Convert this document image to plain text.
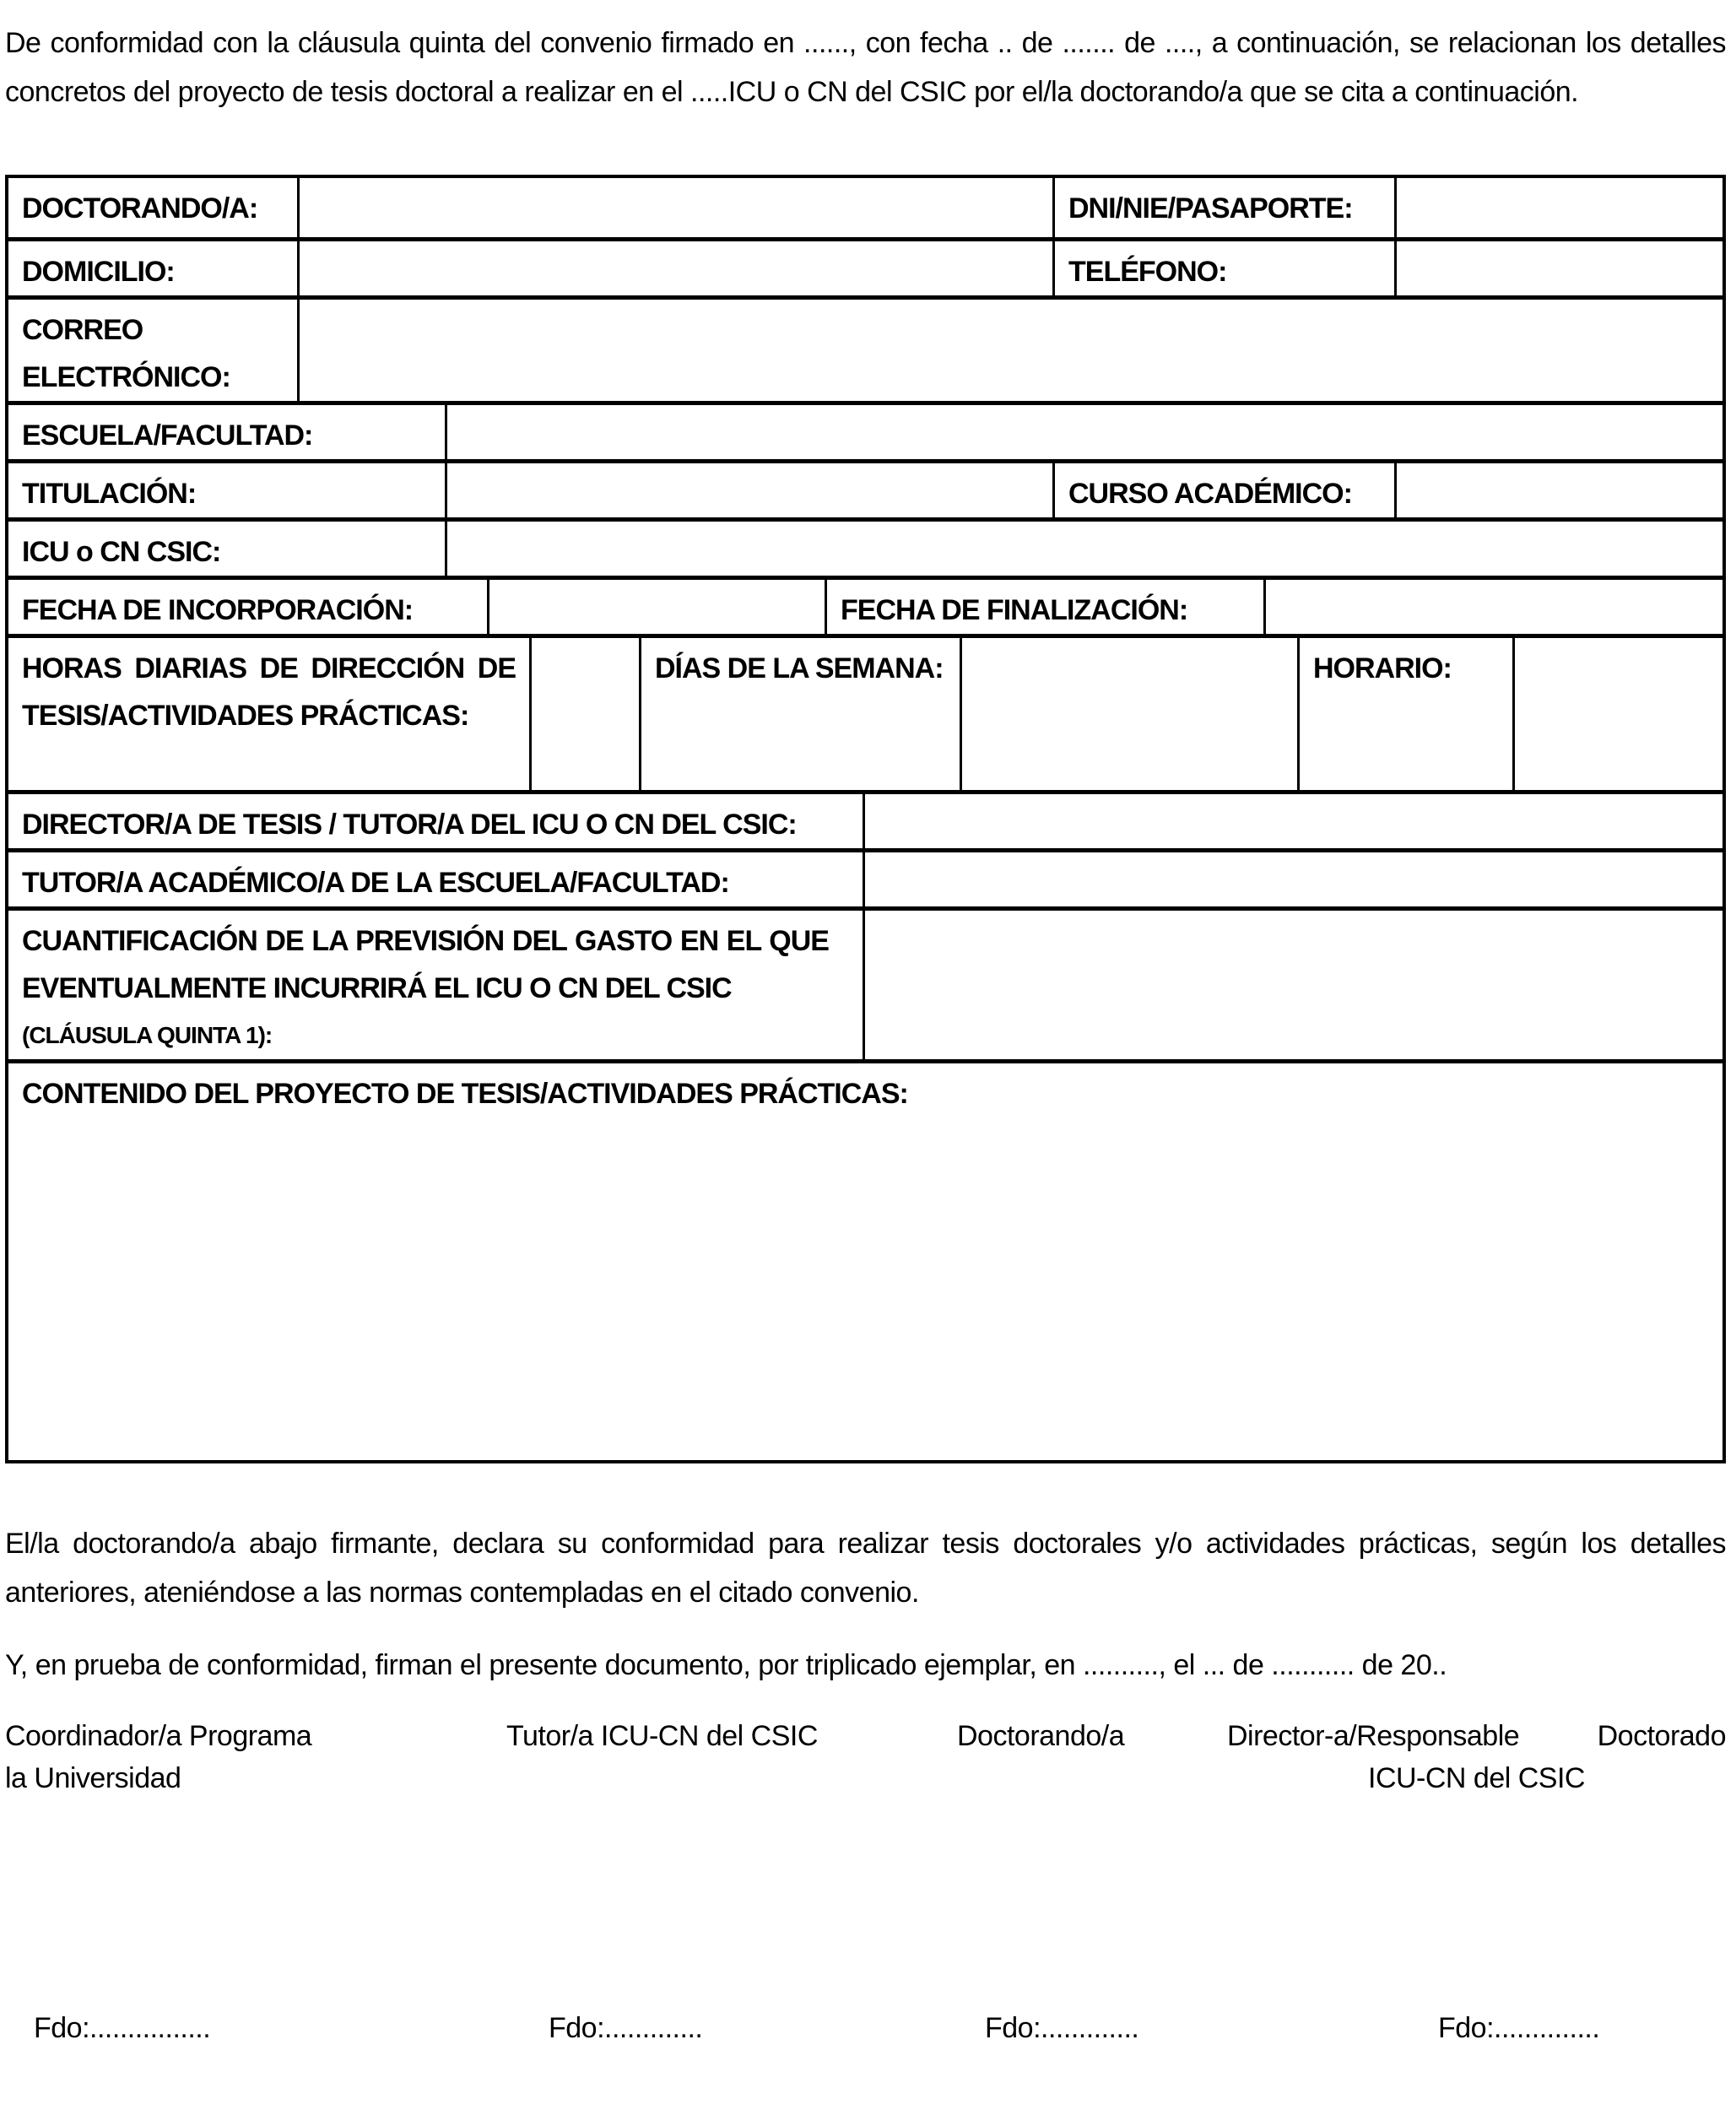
De conformidad con la cláusula quinta del convenio firmado en ......, con fecha .. de ....... de ...., a continuación, se relacionan los detalles concretos del proyecto de tesis doctoral a realizar en el .....ICU o CN del CSIC por el/la doctorando/a que se cita a continuación.

DOCTORANDO/A:	DNI/NIE/PASAPORTE:
DOMICILIO:	TELÉFONO:
CORREO ELECTRÓNICO:
ESCUELA/FACULTAD:
TITULACIÓN:	CURSO ACADÉMICO:
ICU o CN CSIC:
FECHA DE INCORPORACIÓN:	FECHA DE FINALIZACIÓN:
HORAS DIARIAS DE DIRECCIÓN DE TESIS/ACTIVIDADES PRÁCTICAS:
DÍAS DE LA SEMANA:	HORARIO:
DIRECTOR/A DE TESIS / TUTOR/A DEL ICU O CN DEL CSIC:
TUTOR/A ACADÉMICO/A DE LA ESCUELA/FACULTAD:
CUANTIFICACIÓN DE LA PREVISIÓN DEL GASTO EN EL QUE EVENTUALMENTE INCURRIRÁ EL ICU O CN DEL CSIC
(CLÁUSULA QUINTA 1):
CONTENIDO DEL PROYECTO DE TESIS/ACTIVIDADES PRÁCTICAS:

El/la doctorando/a abajo firmante, declara su conformidad para realizar tesis doctorales y/o actividades prácticas, según los detalles anteriores, ateniéndose a las normas contempladas en el citado convenio.

Y, en prueba de conformidad, firman el presente documento, por triplicado ejemplar, en .........., el ... de ........... de 20..

Coordinador/a Programa
la Universidad
Tutor/a ICU-CN del CSIC	Doctorando/a	Director-a/Responsable Doctorado
ICU-CN del CSIC
Fdo:................	Fdo:.............	Fdo:.............	Fdo:..............
